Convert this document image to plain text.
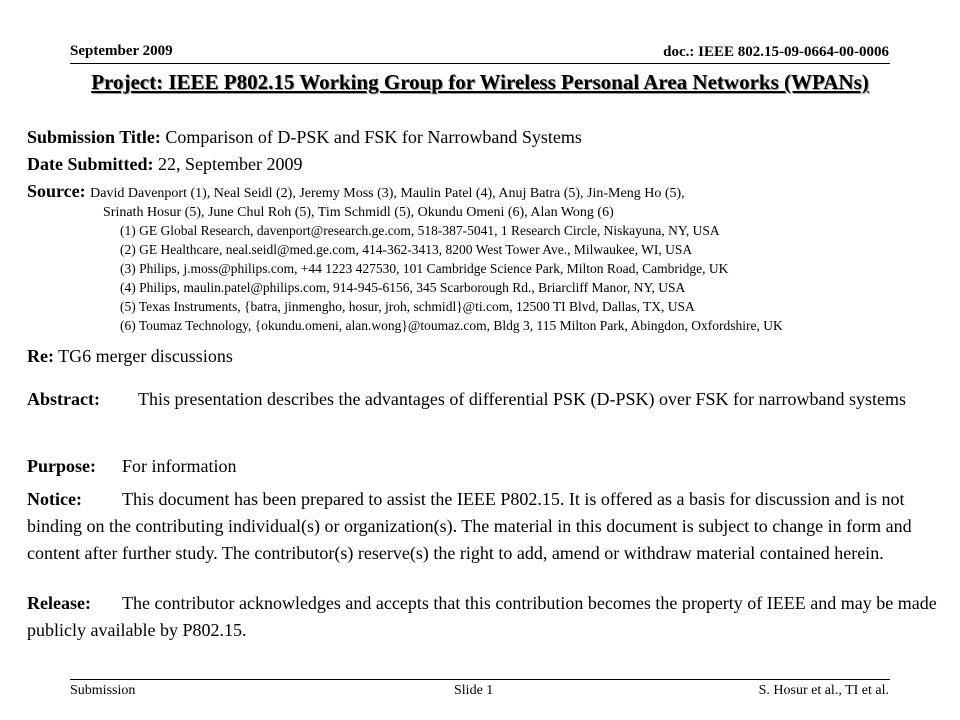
September 2009	doc.: IEEE 802.15-09-0664-00-0006
Project: IEEE P802.15 Working Group for Wireless Personal Area Networks (WPANs)
Submission Title: Comparison of D-PSK and FSK for Narrowband Systems
Date Submitted: 22, September 2009
Source: David Davenport (1), Neal Seidl (2), Jeremy Moss (3), Maulin Patel (4), Anuj Batra (5), Jin-Meng Ho (5),
Srinath Hosur (5), June Chul Roh (5), Tim Schmidl (5), Okundu Omeni (6), Alan Wong (6)
(1) GE Global Research, davenport@research.ge.com, 518-387-5041, 1 Research Circle, Niskayuna, NY, USA
(2) GE Healthcare, neal.seidl@med.ge.com, 414-362-3413, 8200 West Tower Ave., Milwaukee, WI, USA
(3) Philips, j.moss@philips.com, +44 1223 427530, 101 Cambridge Science Park, Milton Road, Cambridge, UK
(4) Philips, maulin.patel@philips.com, 914-945-6156, 345 Scarborough Rd., Briarcliff Manor, NY, USA
(5) Texas Instruments, {batra, jinmengho, hosur, jroh, schmidl}@ti.com, 12500 TI Blvd, Dallas, TX, USA
(6) Toumaz Technology, {okundu.omeni, alan.wong}@toumaz.com, Bldg 3, 115 Milton Park, Abingdon, Oxfordshire, UK
Re: TG6 merger discussions
Abstract: This presentation describes the advantages of differential PSK (D-PSK) over FSK for narrowband systems
Purpose: For information
Notice: This document has been prepared to assist the IEEE P802.15. It is offered as a basis for discussion and is not binding on the contributing individual(s) or organization(s). The material in this document is subject to change in form and content after further study. The contributor(s) reserve(s) the right to add, amend or withdraw material contained herein.
Release: The contributor acknowledges and accepts that this contribution becomes the property of IEEE and may be made publicly available by P802.15.
Submission	Slide 1	S. Hosur et al., TI et al.
